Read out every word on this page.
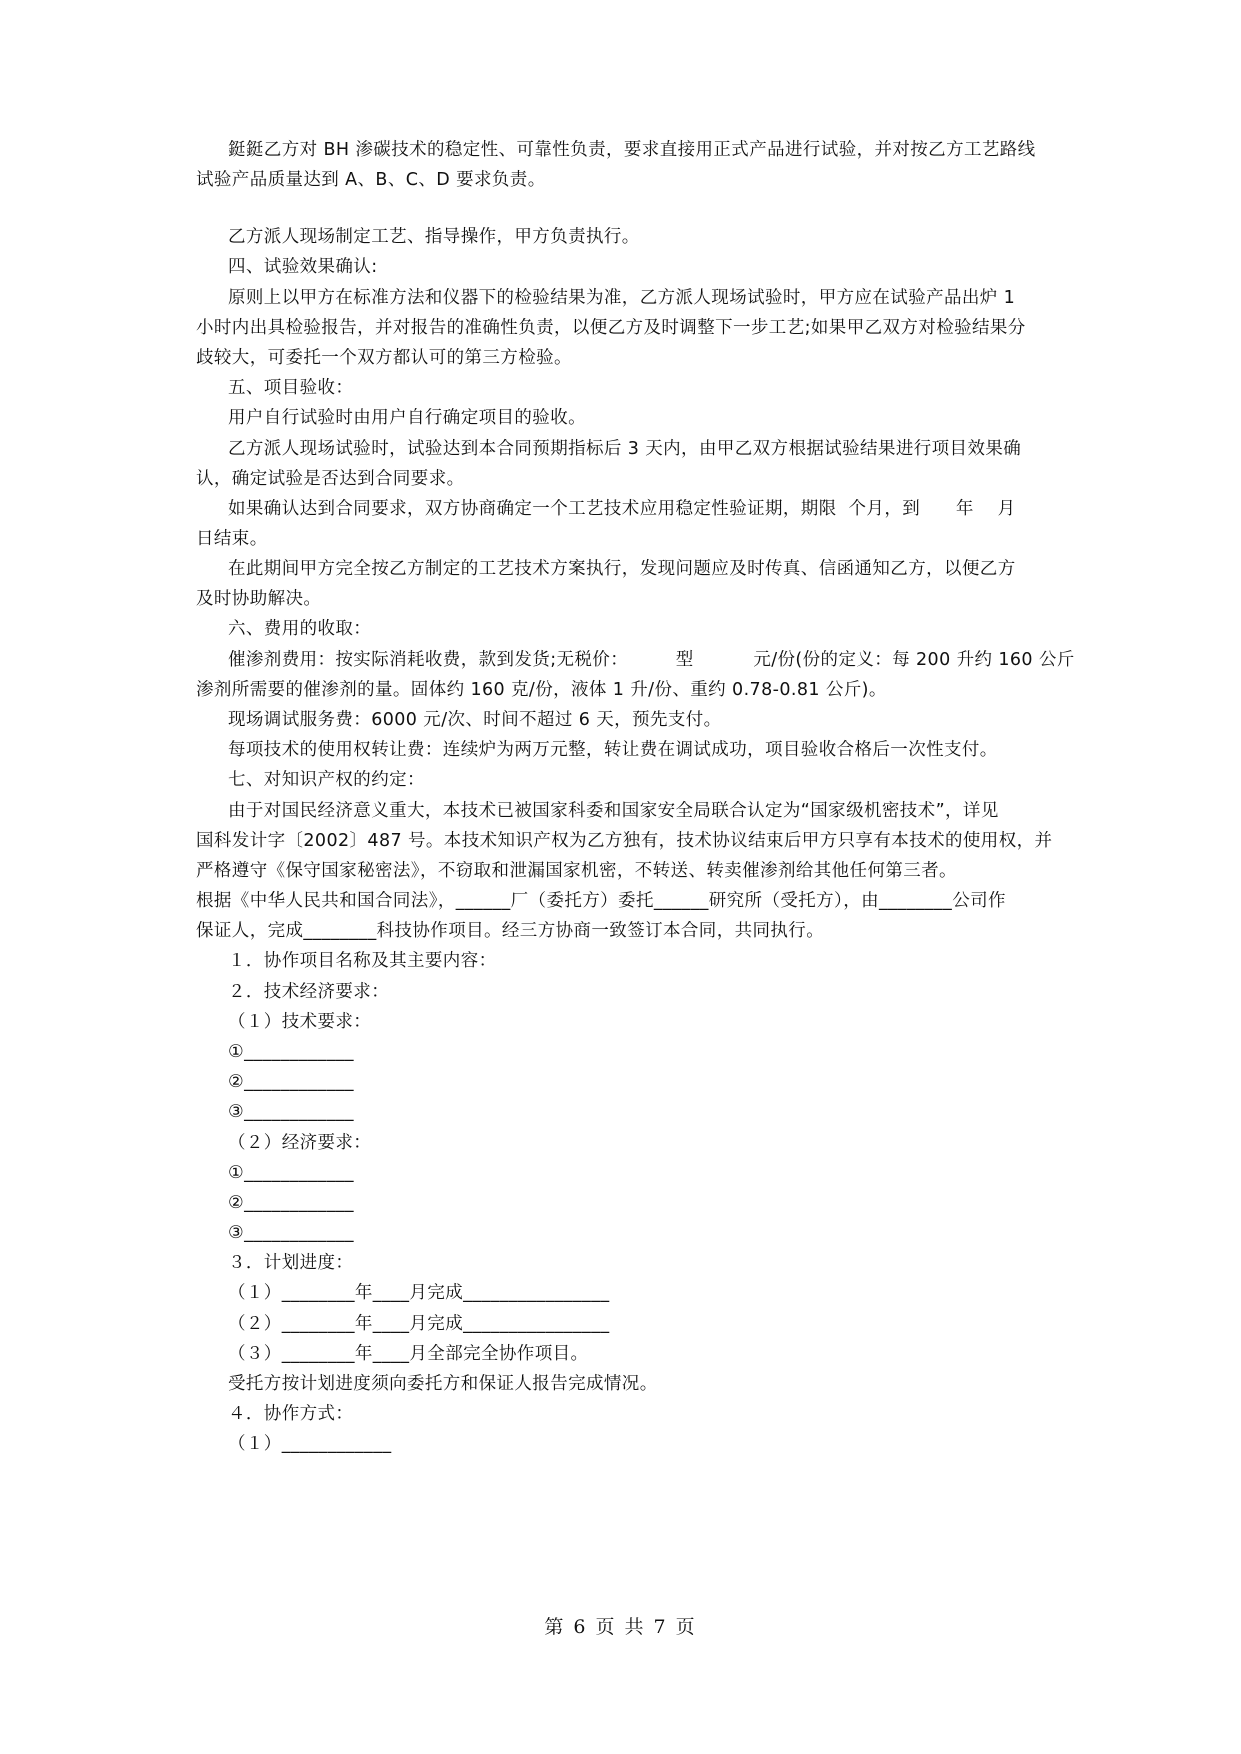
鋌鋌乙方对 BH 渗碳技术的稳定性、可靠性负责，要求直接用正式产品进行试验，并对按乙方工艺路线
试验产品质量达到 A、B、C、D 要求负责。
乙方派人现场制定工艺、指导操作，甲方负责执行。
四、试验效果确认:
原则上以甲方在标准方法和仪器下的检验结果为准，乙方派人现场试验时，甲方应在试验产品出炉 1
小时内出具检验报告，并对报告的准确性负责，以便乙方及时调整下一步工艺;如果甲乙双方对检验结果分
歧较大，可委托一个双方都认可的第三方检验。
五、项目验收：
用户自行试验时由用户自行确定项目的验收。
乙方派人现场试验时，试验达到本合同预期指标后 3 天内，由甲乙双方根据试验结果进行项目效果确
认，确定试验是否达到合同要求。
如果确认达到合同要求，双方协商确定一个工艺技术应用稳定性验证期，期限  个月，到      年    月
日结束。
在此期间甲方完全按乙方制定的工艺技术方案执行，发现问题应及时传真、信函通知乙方，以便乙方
及时协助解决。
六、费用的收取：
催渗剂费用：按实际消耗收费，款到发货;无税价：        型          元/份(份的定义：每 200 升约 160 公斤
渗剂所需要的催渗剂的量。固体约 160 克/份，液体 1 升/份、重约 0.78-0.81 公斤)。
现场调试服务费：6000 元/次、时间不超过 6 天，预先支付。
每项技术的使用权转让费：连续炉为两万元整，转让费在调试成功，项目验收合格后一次性支付。
七、对知识产权的约定：
由于对国民经济意义重大，本技术已被国家科委和国家安全局联合认定为“国家级机密技术”，详见
国科发计字〔2002〕487 号。本技术知识产权为乙方独有，技术协议结束后甲方只享有本技术的使用权，并
严格遵守《保守国家秘密法》，不窃取和泄漏国家机密，不转送、转卖催渗剂给其他任何第三者。
根据《中华人民共和国合同法》，______厂（委托方）委托______研究所（受托方），由________公司作
保证人，完成________科技协作项目。经三方协商一致签订本合同，共同执行。
１．协作项目名称及其主要内容：
２．技术经济要求：
（１）技术要求：
①____________
②____________
③____________
（２）经济要求：
①____________
②____________
③____________
３．计划进度：
（１）________年____月完成________________
（２）________年____月完成________________
（３）________年____月全部完全协作项目。
受托方按计划进度须向委托方和保证人报告完成情况。
４．协作方式：
（１）____________
第 6 页 共 7 页
